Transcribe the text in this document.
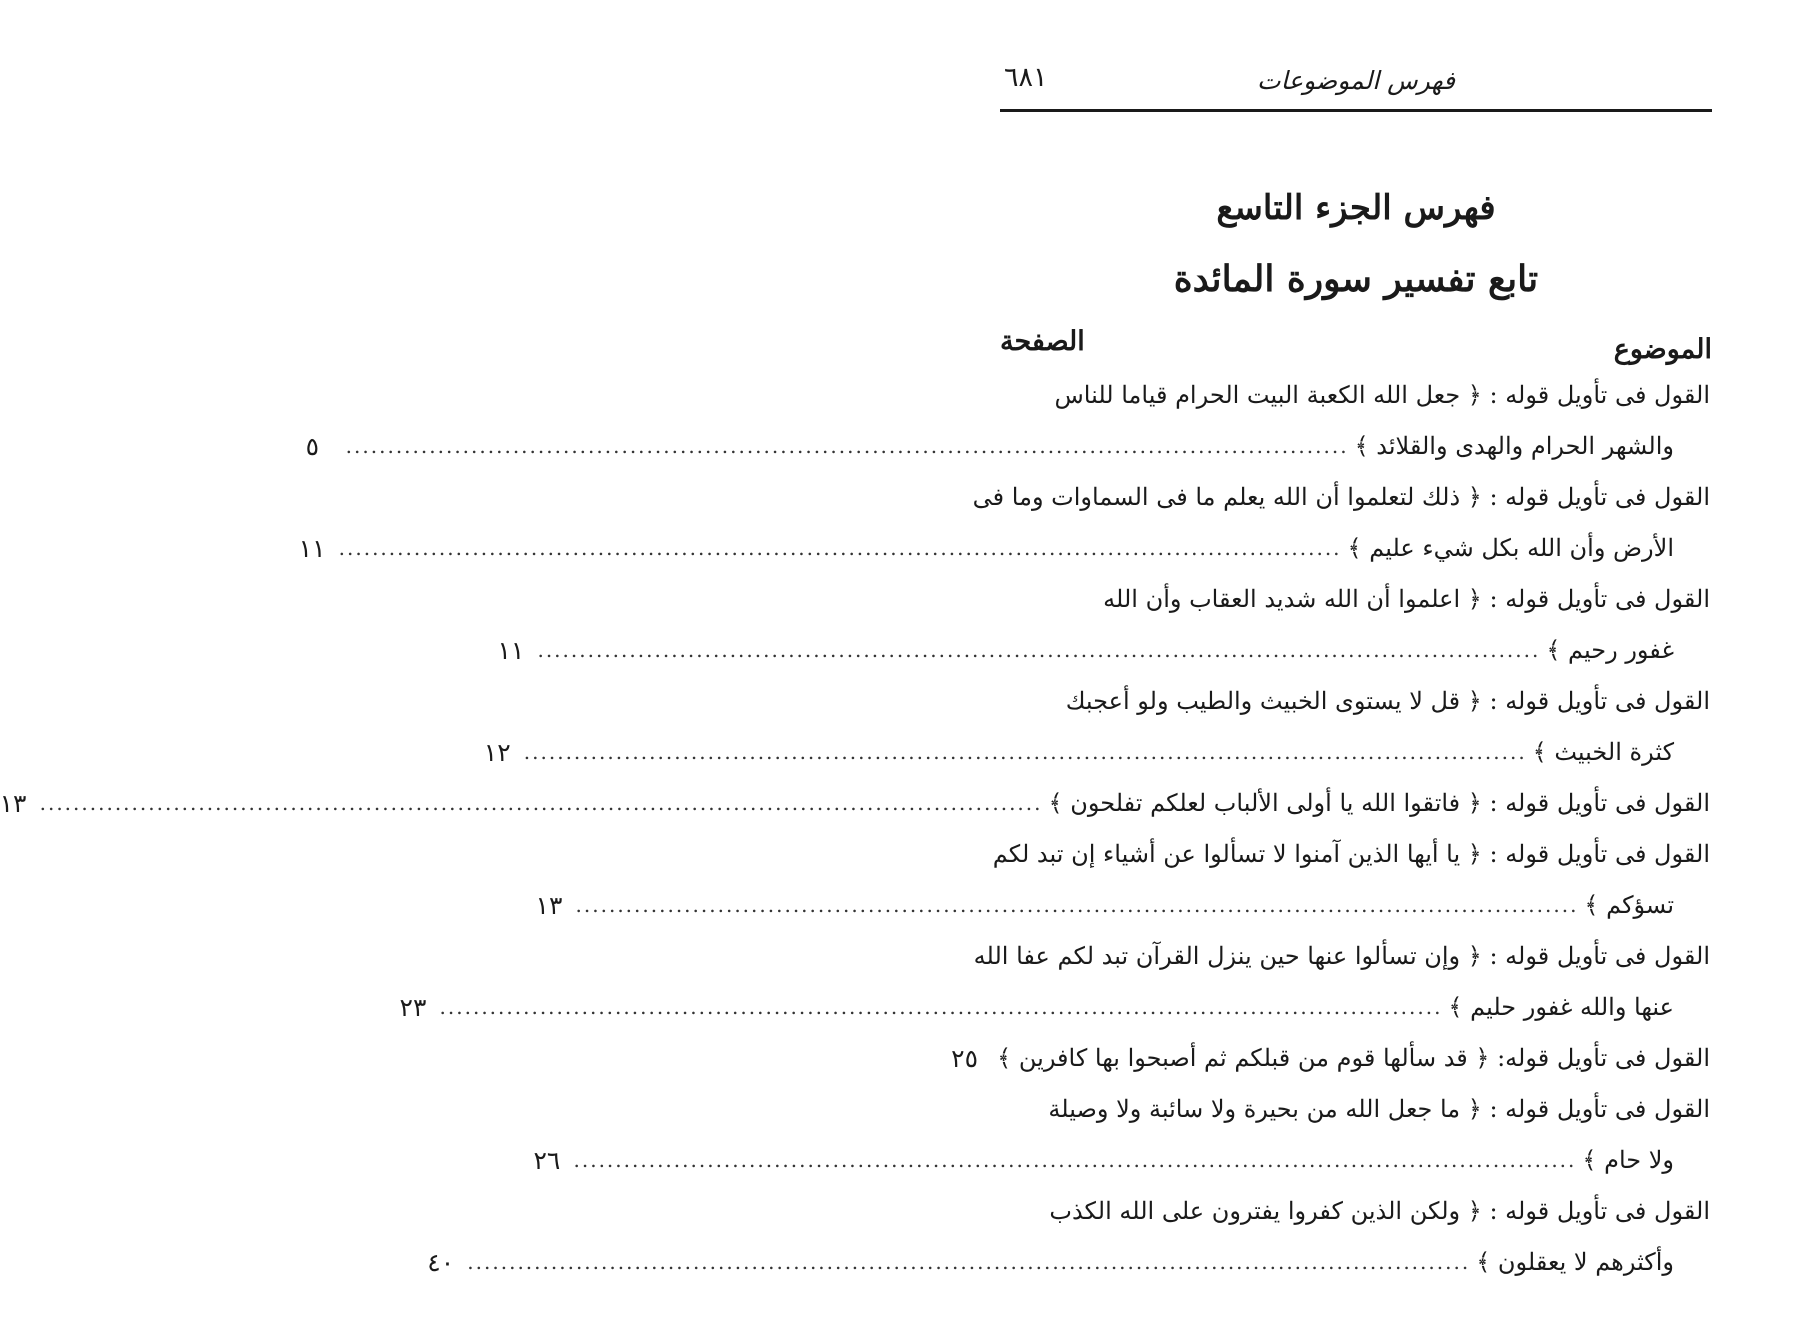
فهرس الموضوعات
٦٨١
فهرس الجزء التاسع
تابع تفسير سورة المائدة
الموضوع
الصفحة
القول فى تأويل قوله : ﴿ جعل الله الكعبة البيت الحرام قياما للناس
والشهر الحرام والهدى والقلائد ﴾
........................................................................................................................
٥
القول فى تأويل قوله : ﴿ ذلك لتعلموا أن الله يعلم ما فى السماوات وما فى
الأرض وأن الله بكل شيء عليم ﴾
........................................................................................................................
١١
القول فى تأويل قوله : ﴿ اعلموا أن الله شديد العقاب وأن الله
غفور رحيم ﴾
........................................................................................................................
١١
القول فى تأويل قوله : ﴿ قل لا يستوى الخبيث والطيب ولو أعجبك
كثرة الخبيث ﴾
........................................................................................................................
١٢
القول فى تأويل قوله : ﴿ فاتقوا الله يا أولى الألباب لعلكم تفلحون ﴾
........................................................................................................................
١٣
القول فى تأويل قوله : ﴿ يا أيها الذين آمنوا لا تسألوا عن أشياء إن تبد لكم
تسؤكم ﴾
........................................................................................................................
١٣
القول فى تأويل قوله : ﴿ وإن تسألوا عنها حين ينزل القرآن تبد لكم عفا الله
عنها والله غفور حليم ﴾
........................................................................................................................
٢٣
القول فى تأويل قوله: ﴿ قد سألها قوم من قبلكم ثم أصبحوا بها كافرين ﴾
٢٥
القول فى تأويل قوله : ﴿ ما جعل الله من بحيرة ولا سائبة ولا وصيلة
ولا حام ﴾
........................................................................................................................
٢٦
القول فى تأويل قوله : ﴿ ولكن الذين كفروا يفترون على الله الكذب
وأكثرهم لا يعقلون ﴾
........................................................................................................................
٤٠
